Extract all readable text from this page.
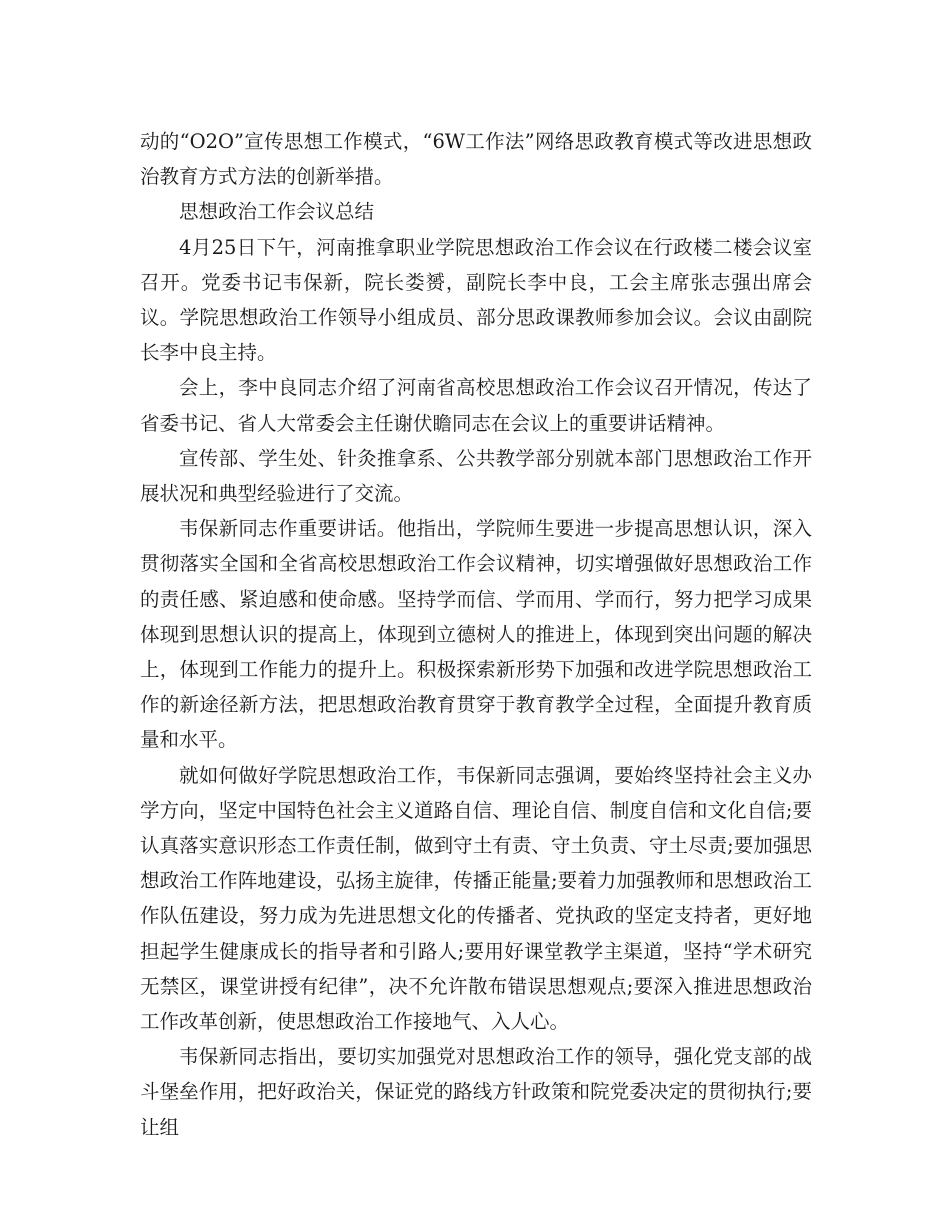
动的“O2O”宣传思想工作模式，“6W工作法”网络思政教育模式等改进思想政治教育方式方法的创新举措。

思想政治工作会议总结

4月25日下午，河南推拿职业学院思想政治工作会议在行政楼二楼会议室召开。党委书记韦保新，院长娄赟，副院长李中良，工会主席张志强出席会议。学院思想政治工作领导小组成员、部分思政课教师参加会议。会议由副院长李中良主持。

会上，李中良同志介绍了河南省高校思想政治工作会议召开情况，传达了省委书记、省人大常委会主任谢伏瞻同志在会议上的重要讲话精神。

宣传部、学生处、针灸推拿系、公共教学部分别就本部门思想政治工作开展状况和典型经验进行了交流。

韦保新同志作重要讲话。他指出，学院师生要进一步提高思想认识，深入贯彻落实全国和全省高校思想政治工作会议精神，切实增强做好思想政治工作的责任感、紧迫感和使命感。坚持学而信、学而用、学而行，努力把学习成果体现到思想认识的提高上，体现到立德树人的推进上，体现到突出问题的解决上，体现到工作能力的提升上。积极探索新形势下加强和改进学院思想政治工作的新途径新方法，把思想政治教育贯穿于教育教学全过程，全面提升教育质量和水平。

就如何做好学院思想政治工作，韦保新同志强调，要始终坚持社会主义办学方向，坚定中国特色社会主义道路自信、理论自信、制度自信和文化自信;要认真落实意识形态工作责任制，做到守土有责、守土负责、守土尽责;要加强思想政治工作阵地建设，弘扬主旋律，传播正能量;要着力加强教师和思想政治工作队伍建设，努力成为先进思想文化的传播者、党执政的坚定支持者，更好地担起学生健康成长的指导者和引路人;要用好课堂教学主渠道，坚持“学术研究无禁区，课堂讲授有纪律”，决不允许散布错误思想观点;要深入推进思想政治工作改革创新，使思想政治工作接地气、入人心。

韦保新同志指出，要切实加强党对思想政治工作的领导，强化党支部的战斗堡垒作用，把好政治关，保证党的路线方针政策和院党委决定的贯彻执行;要让组
